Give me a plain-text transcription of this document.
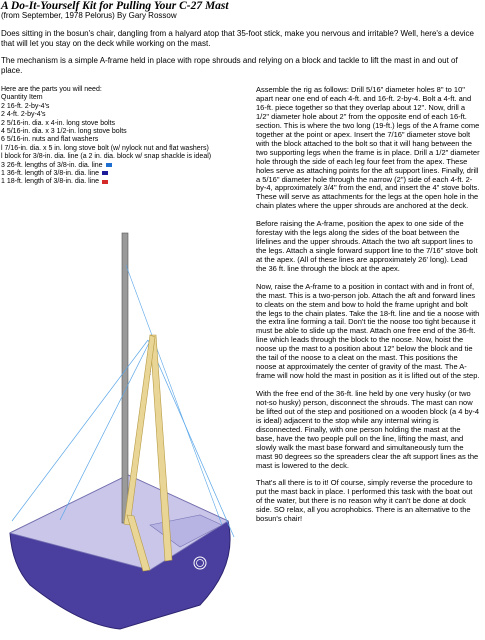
A Do-It-Yourself Kit for Pulling Your C-27 Mast
(from September, 1978 Pelorus) By Gary Rossow
Does sitting in the bosun's chair, dangling from a halyard atop that 35-foot stick, make you nervous and irritable? Well, here's a device that will let you stay on the deck while working on the mast.
The mechanism is a simple A-frame held in place with rope shrouds and relying on a block and tackle to lift the mast in and out of place.
Here are the parts you will need:
Quantity Item
2 16-ft. 2-by-4's
2 4-ft. 2-by-4's
2 5/16-in. dia. x 4-in. long stove bolts
4 5/16-in. dia. x 3 1/2-in. long stove bolts
6 5/16-in. nuts and flat washers
l 7/16-in. dia. x 5 in. long stove bolt (w/ nylock nut and flat washers)
l block for 3/8-in. dia. line (a 2 in. dia. block w/ snap shackle is ideal)
3 26-ft. lengths of 3/8-in. dia. line
1 36-ft. length of 3/8-in. dia. line
1 18-ft. length of 3/8-in. dia. line

Assemble the rig as follows: Drill 5/16" diameter holes 8" to 10" apart near one end of each 4-ft. and 16-ft. 2-by-4. Bolt a 4-ft. and 16-ft. piece together so that they overlap about 12". Now, drill a 1/2" diameter hole about 2" from the opposite end of each 16-ft. section. This is where the two long (19-ft.) legs of the A frame come together at the point or apex. Insert the 7/16" diameter stove bolt with the block attached to the bolt so that it will hang between the two supporting legs when the frame is in place. Drill a 1/2" diameter hole through the side of each leg four feet from the apex. These holes serve as attaching points for the aft support lines. Finally, drill a 5/16" diameter hole through the narrow (2") side of each 4-ft. 2-by-4, approximately 3/4" from the end, and insert the 4" stove bolts. These will serve as attachments for the legs at the open hole in the chain plates where the upper shrouds are anchored at the deck.

Before raising the A-frame, position the apex to one side of the forestay with the legs along the sides of the boat between the lifelines and the upper shrouds. Attach the two aft support lines to the legs. Attach a single forward support line to the 7/16" stove bolt at the apex. (All of these lines are approximately 26' long). Lead the 36 ft. line through the block at the apex.

Now, raise the A-frame to a position in contact with and in front of, the mast. This is a two-person job. Attach the aft and forward lines to cleats on the stem and bow to hold the frame upright and bolt the legs to the chain plates. Take the 18-ft. line and tie a noose with the extra line forming a tail. Don't tie the noose too tight because it must be able to slide up the mast. Attach one free end of the 36-ft. line which leads through the block to the noose. Now, hoist the noose up the mast to a position about 12" below the block and tie the tail of the noose to a cleat on the mast. This positions the noose at approximately the center of gravity of the mast. The A-frame will now hold the mast in position as it is lifted out of the step.

With the free end of the 36-ft. line held by one very husky (or two not-so husky) person, disconnect the shrouds. The mast can now be lifted out of the step and positioned on a wooden block (a 4 by-4 is ideal) adjacent to the stop while any internal wiring is disconnected. Finally, with one person holding the mast at the base, have the two people pull on the line, lifting the mast, and slowly walk the mast base forward and simultaneously turn the mast 90 degrees so the spreaders clear the aft support lines as the mast is lowered to the deck.

That's all there is to it! Of course, simply reverse the procedure to put the mast back in place. I performed this task with the boat out of the water, but there is no reason why it can't be done at dock side. SO relax, all you acrophobics. There is an alternative to the bosun's chair!
